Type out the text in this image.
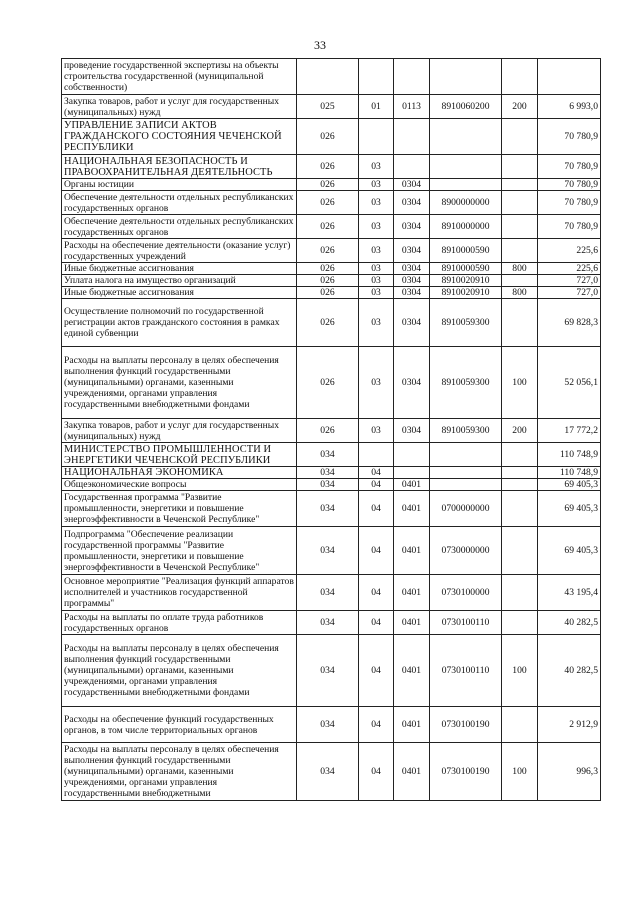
33
проведение государственной экспертизы на объекты строительства государственной (муниципальной собственности)						
Закупка товаров, работ и услуг для государственных (муниципальных) нужд	025	01	0113	8910060200	200	6 993,0
УПРАВЛЕНИЕ ЗАПИСИ АКТОВ ГРАЖДАНСКОГО СОСТОЯНИЯ ЧЕЧЕНСКОЙ РЕСПУБЛИКИ	026					70 780,9
НАЦИОНАЛЬНАЯ БЕЗОПАСНОСТЬ И ПРАВООХРАНИТЕЛЬНАЯ ДЕЯТЕЛЬНОСТЬ	026	03				70 780,9
Органы юстиции	026	03	0304			70 780,9
Обеспечение деятельности отдельных республиканских государственных органов	026	03	0304	8900000000		70 780,9
Обеспечение деятельности отдельных республиканских государственных органов	026	03	0304	8910000000		70 780,9
Расходы на обеспечение деятельности (оказание услуг) государственных учреждений	026	03	0304	8910000590		225,6
Иные бюджетные ассигнования	026	03	0304	8910000590	800	225,6
Уплата налога на имущество организаций	026	03	0304	8910020910		727,0
Иные бюджетные ассигнования	026	03	0304	8910020910	800	727,0
Осуществление полномочий по государственной регистрации актов гражданского состояния в рамках единой субвенции	026	03	0304	8910059300		69 828,3
Расходы на выплаты персоналу в целях обеспечения выполнения функций государственными (муниципальными) органами, казенными учреждениями, органами управления государственными внебюджетными фондами	026	03	0304	8910059300	100	52 056,1
Закупка товаров, работ и услуг для государственных (муниципальных) нужд	026	03	0304	8910059300	200	17 772,2
МИНИСТЕРСТВО ПРОМЫШЛЕННОСТИ И ЭНЕРГЕТИКИ ЧЕЧЕНСКОЙ РЕСПУБЛИКИ	034					110 748,9
НАЦИОНАЛЬНАЯ ЭКОНОМИКА	034	04				110 748,9
Общеэкономические вопросы	034	04	0401			69 405,3
Государственная программа "Развитие промышленности, энергетики и повышение энергоэффективности в Чеченской Республике"	034	04	0401	0700000000		69 405,3
Подпрограмма "Обеспечение реализации государственной программы "Развитие промышленности, энергетики и повышение энергоэффективности в Чеченской Республике"	034	04	0401	0730000000		69 405,3
Основное мероприятие "Реализация функций аппаратов исполнителей и участников государственной программы"	034	04	0401	0730100000		43 195,4
Расходы на выплаты по оплате труда работников государственных органов	034	04	0401	0730100110		40 282,5
Расходы на выплаты персоналу в целях обеспечения выполнения функций государственными (муниципальными) органами, казенными учреждениями, органами управления государственными внебюджетными фондами	034	04	0401	0730100110	100	40 282,5
Расходы на обеспечение функций государственных органов, в том числе территориальных органов	034	04	0401	0730100190		2 912,9
Расходы на выплаты персоналу в целях обеспечения выполнения функций государственными (муниципальными) органами, казенными учреждениями, органами управления государственными внебюджетными	034	04	0401	0730100190	100	996,3
